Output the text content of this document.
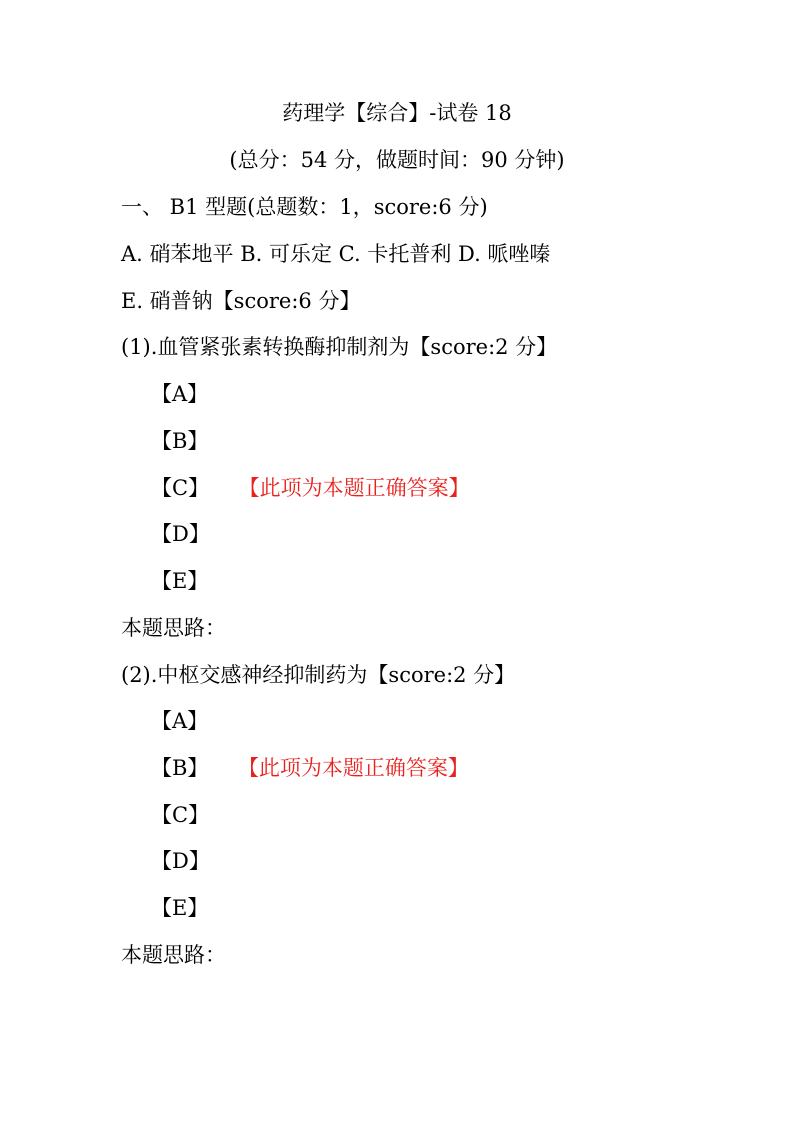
药理学【综合】-试卷 18
(总分：54 分，做题时间：90 分钟)
一、 B1 型题(总题数：1，score:6 分)
A. 硝苯地平 B. 可乐定 C. 卡托普利 D. 哌唑嗪
E. 硝普钠【score:6 分】
(1).血管紧张素转换酶抑制剂为【score:2 分】
【A】
【B】
【C】 【此项为本题正确答案】
【D】
【E】
本题思路：
(2).中枢交感神经抑制药为【score:2 分】
【A】
【B】 【此项为本题正确答案】
【C】
【D】
【E】
本题思路：
